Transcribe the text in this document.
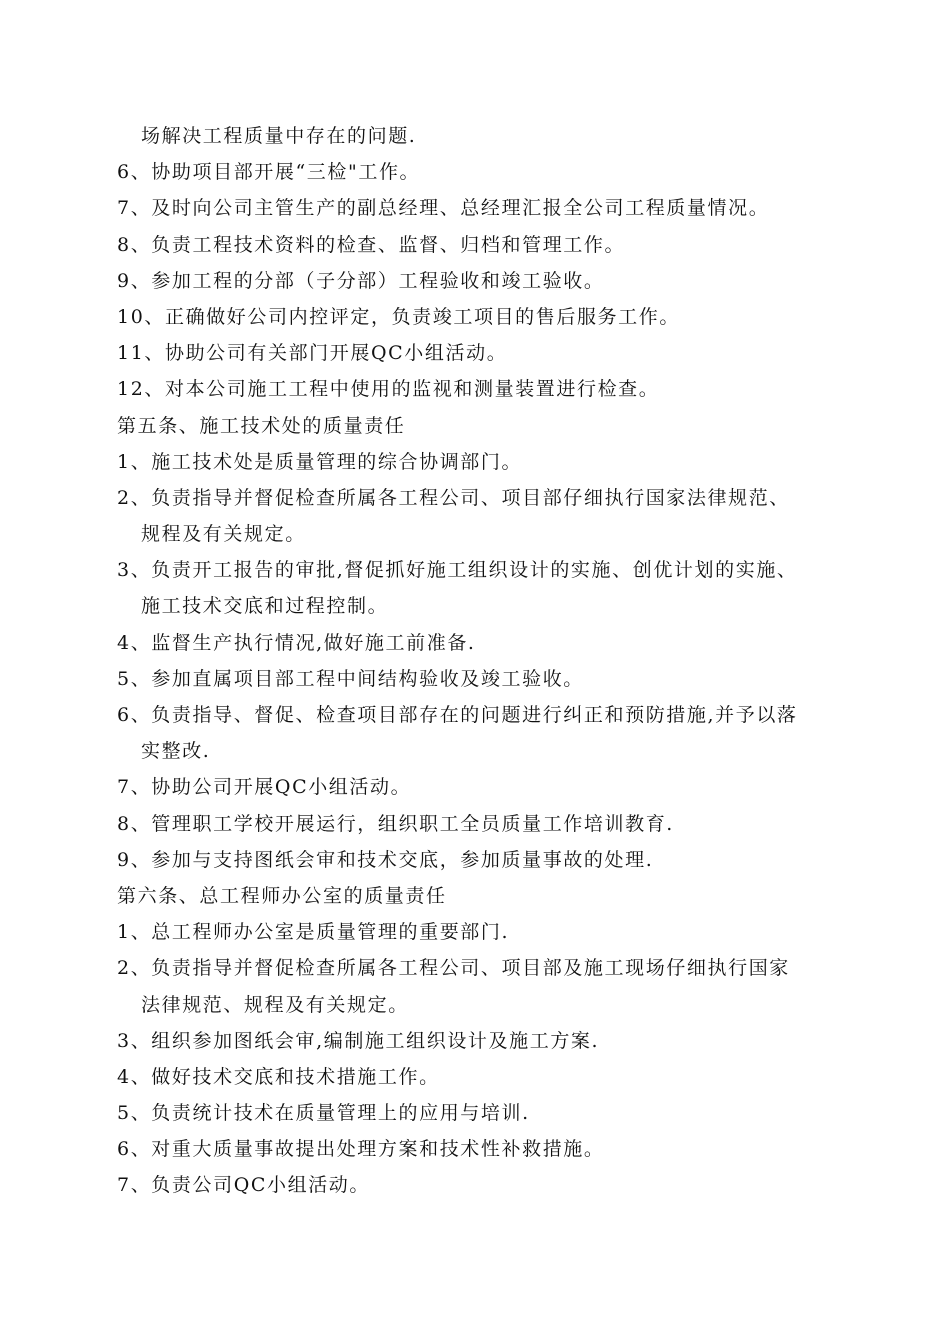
场解决工程质量中存在的问题.
6、协助项目部开展“三检"工作。
7、及时向公司主管生产的副总经理、总经理汇报全公司工程质量情况。
8、负责工程技术资料的检查、监督、归档和管理工作。
9、参加工程的分部（子分部）工程验收和竣工验收。
10、正确做好公司内控评定，负责竣工项目的售后服务工作。
11、协助公司有关部门开展QC小组活动。
12、对本公司施工工程中使用的监视和测量装置进行检查。
第五条、施工技术处的质量责任
1、施工技术处是质量管理的综合协调部门。
2、负责指导并督促检查所属各工程公司、项目部仔细执行国家法律规范、
规程及有关规定。
3、负责开工报告的审批,督促抓好施工组织设计的实施、创优计划的实施、
施工技术交底和过程控制。
4、监督生产执行情况,做好施工前准备.
5、参加直属项目部工程中间结构验收及竣工验收。
6、负责指导、督促、检查项目部存在的问题进行纠正和预防措施,并予以落
实整改.
7、协助公司开展QC小组活动。
8、管理职工学校开展运行，组织职工全员质量工作培训教育.
9、参加与支持图纸会审和技术交底，参加质量事故的处理.
第六条、总工程师办公室的质量责任
1、总工程师办公室是质量管理的重要部门.
2、负责指导并督促检查所属各工程公司、项目部及施工现场仔细执行国家
法律规范、规程及有关规定。
3、组织参加图纸会审,编制施工组织设计及施工方案.
4、做好技术交底和技术措施工作。
5、负责统计技术在质量管理上的应用与培训.
6、对重大质量事故提出处理方案和技术性补救措施。
7、负责公司QC小组活动。
